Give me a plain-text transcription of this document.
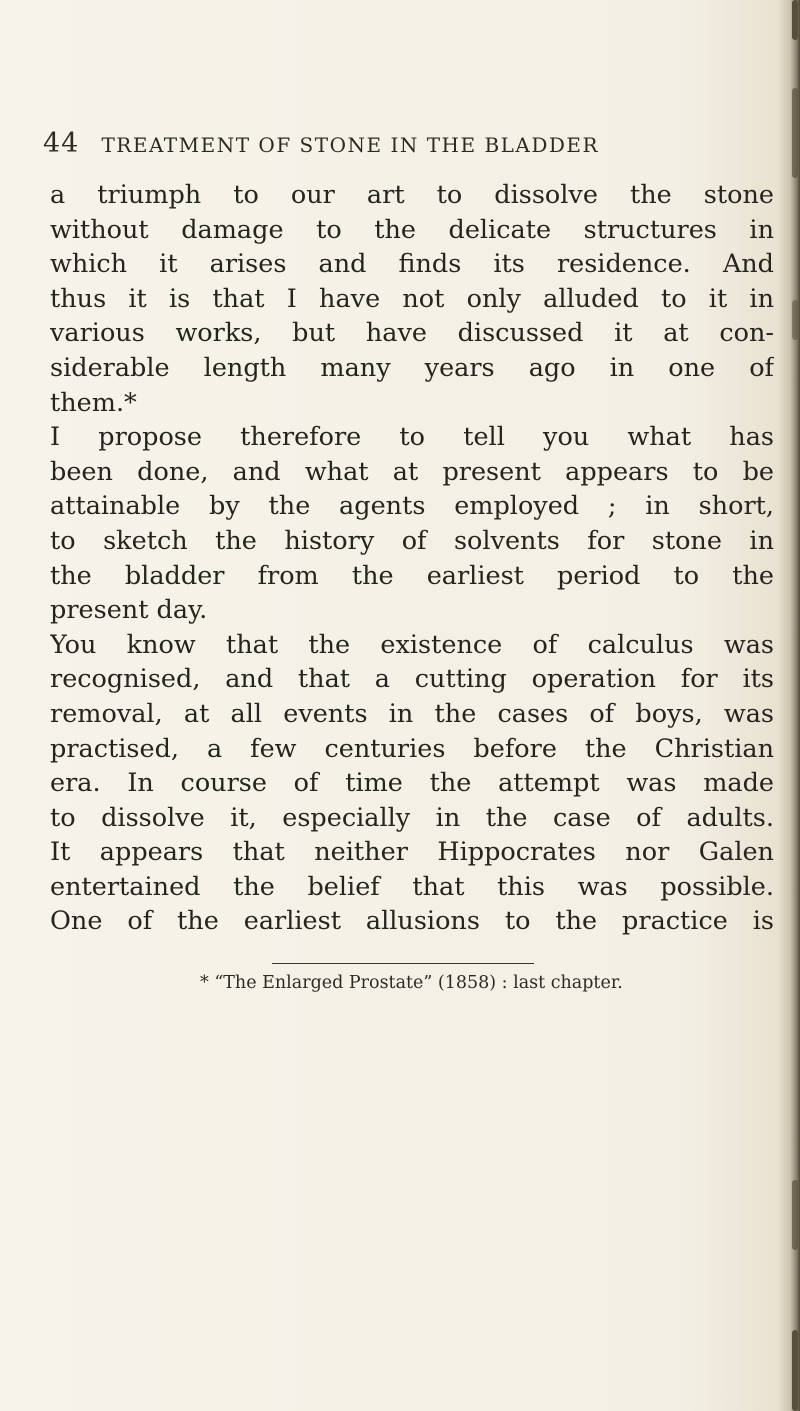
44 TREATMENT OF STONE IN THE BLADDER
a triumph to our art to dissolve the stone
without damage to the delicate structures in
which it arises and finds its residence. And
thus it is that I have not only alluded to it in
various works, but have discussed it at con-
siderable length many years ago in one of
them.*
I propose therefore to tell you what has
been done, and what at present appears to be
attainable by the agents employed ; in short,
to sketch the history of solvents for stone in
the bladder from the earliest period to the
present day.
You know that the existence of calculus was
recognised, and that a cutting operation for its
removal, at all events in the cases of boys, was
practised, a few centuries before the Christian
era. In course of time the attempt was made
to dissolve it, especially in the case of adults.
It appears that neither Hippocrates nor Galen
entertained the belief that this was possible.
One of the earliest allusions to the practice is
* “The Enlarged Prostate” (1858) : last chapter.
